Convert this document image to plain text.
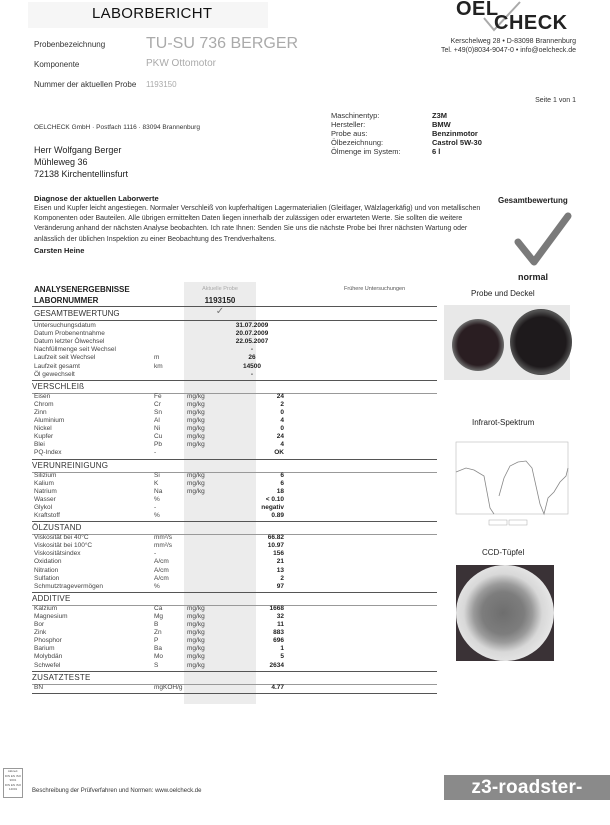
LABORBERICHT
Probenbezeichnung	TU-SU 736 BERGER
Komponente	PKW Ottomotor
Nummer der aktuellen Probe 1193150
OEL
CHECK
Kerschelweg 28 • D-83098 Brannenburg
Tel. +49(0)8034-9047-0 • info@oelcheck.de
Seite 1 von 1
OELCHECK GmbH · Postfach 1116 · 83094 Brannenburg
Herr Wolfgang Berger
Mühleweg 36
72138 Kirchentellinsfurt
Maschinentyp:	Z3M
Hersteller:	BMW
Probe aus:	Benzinmotor
Ölbezeichnung:	Castrol 5W-30
Ölmenge im System:	6 l
Diagnose der aktuellen Laborwerte
Eisen und Kupfer leicht angestiegen. Normaler Verschleiß von kupferhaltigen Lagermaterialien (Gleitlager, Wälzlagerkäfig) und von metallischen Komponenten oder Bauteilen. Alle übrigen ermittelten Daten liegen innerhalb der zulässigen oder erwarteten Werte. Sie sollten die weitere Veränderung anhand der nächsten Analyse beobachten. Ich rate Ihnen: Senden Sie uns die nächste Probe bei Ihrer nächsten Wartung oder anlässlich der üblichen Inspektion zu einer Beobachtung des Trendverhaltens.
Carsten Heine
Gesamtbewertung
normal
Probe und Deckel
Infrarot-Spektrum
CCD-Tüpfel
ANALYSENERGEBNISSE	Aktuelle Probe	Frühere Untersuchungen
LABORNUMMER	1193150
GESAMTBEWERTUNG	✓
Untersuchungsdatum	31.07.2009
Datum Probenentnahme	20.07.2009
Datum letzter Ölwechsel	22.05.2007
Nachfüllmenge seit Wechsel	-
Laufzeit seit Wechsel	m	26
Laufzeit gesamt	km	14500
Öl gewechselt	-
VERSCHLEIß
Eisen	Fe	mg/kg	24
Chrom	Cr	mg/kg	2
Zinn	Sn	mg/kg	0
Aluminium	Al	mg/kg	4
Nickel	Ni	mg/kg	0
Kupfer	Cu	mg/kg	24
Blei	Pb	mg/kg	4
PQ-Index	-	OK
VERUNREINIGUNG
Silizium	Si	mg/kg	6
Kalium	K	mg/kg	6
Natrium	Na	mg/kg	18
Wasser	%	< 0.10
Glykol	-	negativ
Kraftstoff	%	0.89
ÖLZUSTAND
Viskosität bei 40°C	mm²/s	66.82
Viskosität bei 100°C	mm²/s	10.97
Viskositätsindex	-	156
Oxidation	A/cm	21
Nitration	A/cm	13
Sulfation	A/cm	2
Schmutztragevermögen	%	97
ADDITIVE
Kalzium	Ca	mg/kg	1668
Magnesium	Mg	mg/kg	32
Bor	B	mg/kg	11
Zink	Zn	mg/kg	883
Phosphor	P	mg/kg	696
Barium	Ba	mg/kg	1
Molybdän	Mo	mg/kg	5
Schwefel	S	mg/kg	2634
ZUSATZTESTE
BN	mgKOH/g	4.77
Akkred.
DIN EN ISO
9001
DIN EN ISO
14001	Beschreibung der Prüfverfahren und Normen: www.oelcheck.de	z3-roadster-forum.de
